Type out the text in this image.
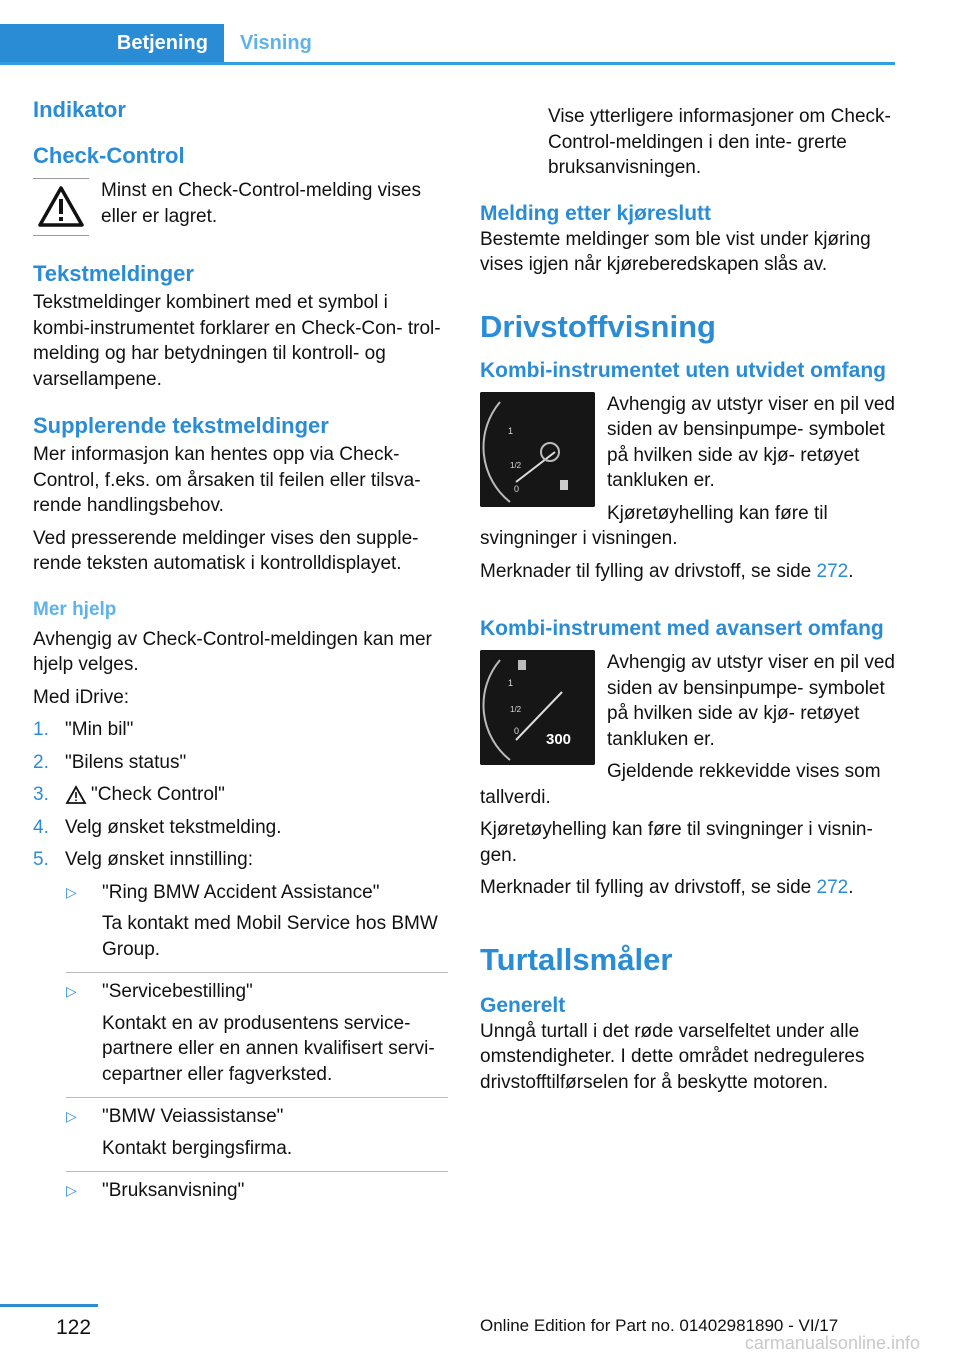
Betjening	Visning
Indikator
Check-Control

Minst en Check-Control-melding vises eller er lagret.

Tekstmeldinger

Tekstmeldinger kombinert med et symbol i kombi-instrumentet forklarer en Check-Con- trol-melding og har betydningen til kontroll- og varsellampene.

Supplerende tekstmeldinger

Mer informasjon kan hentes opp via Check- Control, f.eks. om årsaken til feilen eller tilsva- rende handlingsbehov.

Ved presserende meldinger vises den supple- rende teksten automatisk i kontrolldisplayet.

Mer hjelp

Avhengig av Check-Control-meldingen kan mer hjelp velges.

Med iDrive:

1. "Min bil"
2. "Bilens status"
3.	"Check Control"
4. Velg ønsket tekstmelding.
5. Velg ønsket innstilling:
▷	"Ring BMW Accident Assistance"

Ta kontakt med Mobil Service hos BMW Group.

▷	"Servicebestilling"

Kontakt en av produsentens service- partnere eller en annen kvalifisert servi- cepartner eller fagverksted.

▷	"BMW Veiassistanse"

Kontakt bergingsfirma.

▷	"Bruksanvisning"

Vise ytterligere informasjoner om Check-Control-meldingen i den inte- grerte bruksanvisningen.

Melding etter kjøreslutt

Bestemte meldinger som ble vist under kjøring vises igjen når kjøreberedskapen slås av.

Drivstoffvisning
Kombi-instrumentet uten utvidet omfang
1
1/2
0

Avhengig av utstyr viser en pil ved siden av bensinpumpe- symbolet på hvilken side av kjø- retøyet tankluken er.

Kjøretøyhelling kan føre til svingninger i visningen.

Merknader til fylling av drivstoff, se side 272.

Kombi-instrument med avansert omfang
1
1/2
0 300

Avhengig av utstyr viser en pil ved siden av bensinpumpe- symbolet på hvilken side av kjø- retøyet tankluken er.

Gjeldende rekkevidde vises som tallverdi.

Kjøretøyhelling kan føre til svingninger i visnin- gen.

Merknader til fylling av drivstoff, se side 272.

Turtallsmåler
Generelt

Unngå turtall i det røde varselfeltet under alle omstendigheter. I dette området nedreguleres drivstofftilførselen for å beskytte motoren.

122	Online Edition for Part no. 01402981890 - VI/17
carmanualsonline.info
